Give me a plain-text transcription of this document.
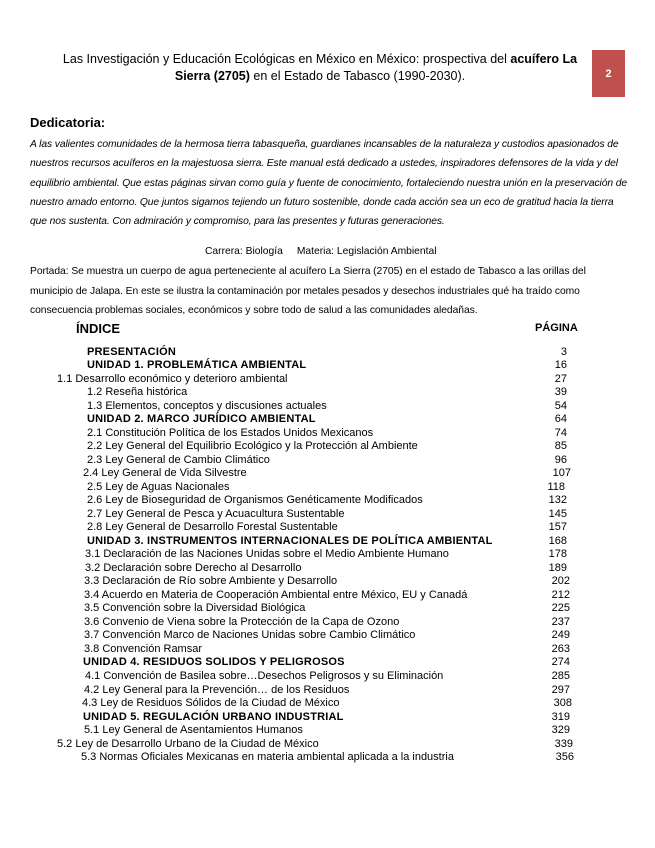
2
Las Investigación y Educación Ecológicas en México en México: prospectiva del acuífero La Sierra (2705) en el Estado de Tabasco (1990-2030).
Dedicatoria:
A las valientes comunidades de la hermosa tierra tabasqueña, guardianes incansables de la naturaleza y custodios apasionados de nuestros recursos acuíferos en la majestuosa sierra. Este manual está dedicado a ustedes, inspiradores defensores de la vida y del equilibrio ambiental. Que estas páginas sirvan como guía y fuente de conocimiento, fortaleciendo nuestra unión en la preservación de nuestro amado entorno. Que juntos sigamos tejiendo un futuro sostenible, donde cada acción sea un eco de gratitud hacia la tierra que nos sustenta. Con admiración y compromiso, para las presentes y futuras generaciones.
Carrera: Biología Materia: Legislación Ambiental
Portada: Se muestra un cuerpo de agua perteneciente al acuífero La Sierra (2705) en el estado de Tabasco a las orillas del municipio de Jalapa. En este se ilustra la contaminación por metales pesados y desechos industriales qué ha traído como consecuencia problemas sociales, económicos y sobre todo de salud a las comunidades aledañas.
ÍNDICE	PÁGINA
PRESENTACIÓN	3
UNIDAD 1. PROBLEMÁTICA AMBIENTAL	16
1.1 Desarrollo económico y deterioro ambiental	27
1.2 Reseña histórica	39
1.3 Elementos, conceptos y discusiones actuales	54
UNIDAD 2. MARCO JURÍDICO AMBIENTAL	64
2.1 Constitución Política de los Estados Unidos Mexicanos	74
2.2 Ley General del Equilibrio Ecológico y la Protección al Ambiente	85
2.3 Ley General de Cambio Climático	96
2.4 Ley General de Vida Silvestre	107
2.5 Ley de Aguas Nacionales	118
2.6 Ley de Bioseguridad de Organismos Genéticamente Modificados	132
2.7 Ley General de Pesca y Acuacultura Sustentable	145
2.8 Ley General de Desarrollo Forestal Sustentable	157
UNIDAD 3. INSTRUMENTOS INTERNACIONALES DE POLÍTICA AMBIENTAL	168
3.1 Declaración de las Naciones Unidas sobre el Medio Ambiente Humano	178
3.2 Declaración sobre Derecho al Desarrollo	189
3.3 Declaración de Río sobre Ambiente y Desarrollo	202
3.4 Acuerdo en Materia de Cooperación Ambiental entre México, EU y Canadá	212
3.5 Convención sobre la Diversidad Biológica	225
3.6 Convenio de Viena sobre la Protección de la Capa de Ozono	237
3.7 Convención Marco de Naciones Unidas sobre Cambio Climático	249
3.8 Convención Ramsar	263
UNIDAD 4. RESIDUOS SOLIDOS Y PELIGROSOS	274
4.1 Convención de Basilea sobre…Desechos Peligrosos y su Eliminación	285
4.2 Ley General para la Prevención… de los Residuos	297
4.3 Ley de Residuos Sólidos de la Ciudad de México	308
UNIDAD 5. REGULACIÓN URBANO INDUSTRIAL	319
5.1 Ley General de Asentamientos Humanos	329
5.2 Ley de Desarrollo Urbano de la Ciudad de México	339
5.3 Normas Oficiales Mexicanas en materia ambiental aplicada a la industria	356
